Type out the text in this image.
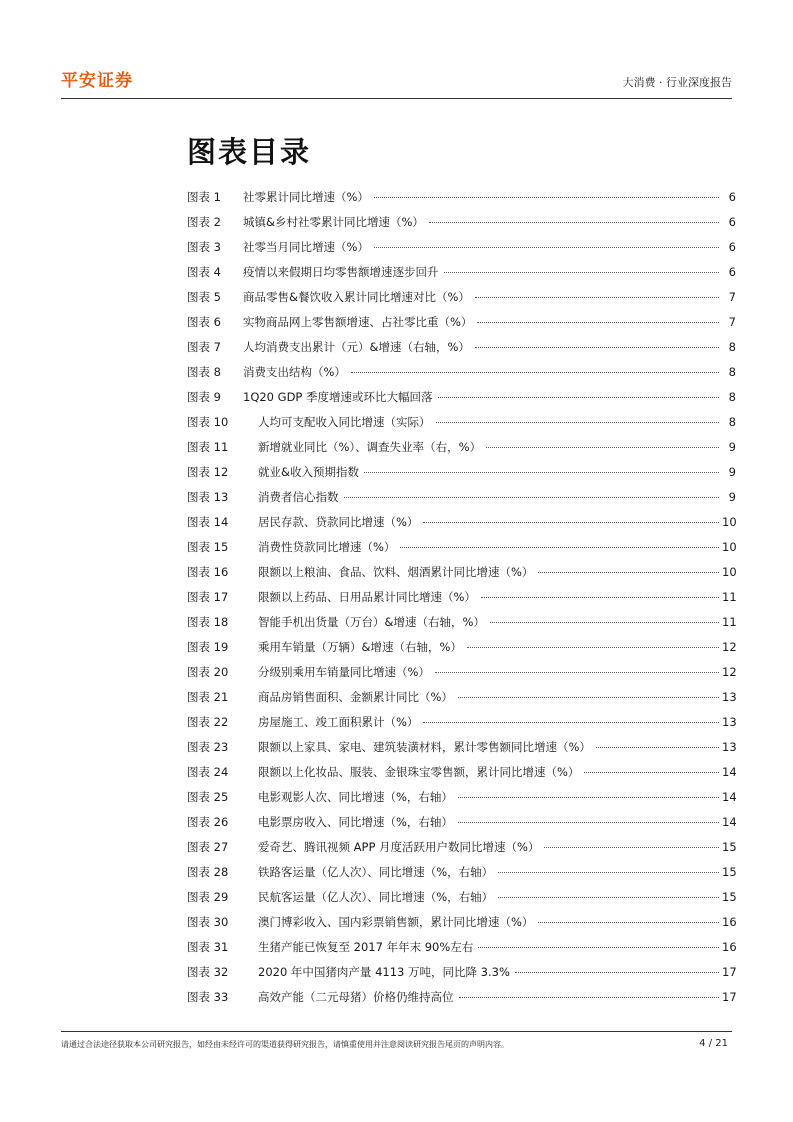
平安证券	大消费 · 行业深度报告
图表目录
图表 1	社零累计同比增速（%）	6
图表 2	城镇&乡村社零累计同比增速（%）	6
图表 3	社零当月同比增速（%）	6
图表 4	疫情以来假期日均零售额增速逐步回升	6
图表 5	商品零售&餐饮收入累计同比增速对比（%）	7
图表 6	实物商品网上零售额增速、占社零比重（%）	7
图表 7	人均消费支出累计（元）&增速（右轴，%）	8
图表 8	消费支出结构（%）	8
图表 9	1Q20 GDP 季度增速或环比大幅回落	8
图表 10	人均可支配收入同比增速（实际）	8
图表 11	新增就业同比（%）、调查失业率（右，%）	9
图表 12	就业&收入预期指数	9
图表 13	消费者信心指数	9
图表 14	居民存款、贷款同比增速（%）	10
图表 15	消费性贷款同比增速（%）	10
图表 16	限额以上粮油、食品、饮料、烟酒累计同比增速（%）	10
图表 17	限额以上药品、日用品累计同比增速（%）	11
图表 18	智能手机出货量（万台）&增速（右轴，%）	11
图表 19	乘用车销量（万辆）&增速（右轴，%）	12
图表 20	分级别乘用车销量同比增速（%）	12
图表 21	商品房销售面积、金额累计同比（%）	13
图表 22	房屋施工、竣工面积累计（%）	13
图表 23	限额以上家具、家电、建筑装潢材料，累计零售额同比增速（%）	13
图表 24	限额以上化妆品、服装、金银珠宝零售额，累计同比增速（%）	14
图表 25	电影观影人次、同比增速（%，右轴）	14
图表 26	电影票房收入、同比增速（%，右轴）	14
图表 27	爱奇艺、腾讯视频 APP 月度活跃用户数同比增速（%）	15
图表 28	铁路客运量（亿人次）、同比增速（%，右轴）	15
图表 29	民航客运量（亿人次）、同比增速（%，右轴）	15
图表 30	澳门博彩收入、国内彩票销售额，累计同比增速（%）	16
图表 31	生猪产能已恢复至 2017 年年末 90%左右	16
图表 32	2020 年中国猪肉产量 4113 万吨，同比降 3.3%	17
图表 33	高效产能（二元母猪）价格仍维持高位	17
请通过合法途径获取本公司研究报告，如经由未经许可的渠道获得研究报告，请慎重使用并注意阅读研究报告尾页的声明内容。	4 / 21
